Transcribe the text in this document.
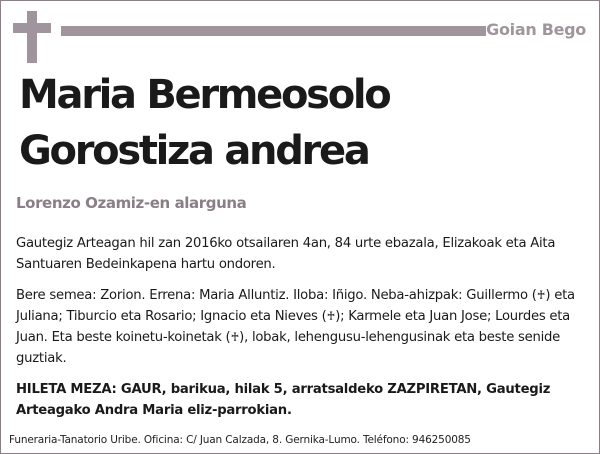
Goian Bego
Maria Bermeosolo
Gorostiza andrea
Lorenzo Ozamiz-en alarguna

Gautegiz Arteagan hil zan 2016ko otsailaren 4an, 84 urte ebazala, Elizakoak eta Aita Santuaren Bedeinkapena hartu ondoren.

Bere semea: Zorion. Errena: Maria Alluntiz. Iloba: Iñigo. Neba-ahizpak: Guillermo (♰) eta Juliana; Tiburcio eta Rosario; Ignacio eta Nieves (♰); Karmele eta Juan Jose; Lourdes eta Juan. Eta beste koinetu-koinetak (♰), lobak, lehengusu-lehengusinak eta beste senide guztiak.

HILETA MEZA: GAUR, barikua, hilak 5, arratsaldeko ZAZPIRETAN, Gautegiz Arteagako Andra Maria eliz-parrokian.

Funeraria-Tanatorio Uribe. Oficina: C/ Juan Calzada, 8. Gernika-Lumo. Teléfono: 946250085
